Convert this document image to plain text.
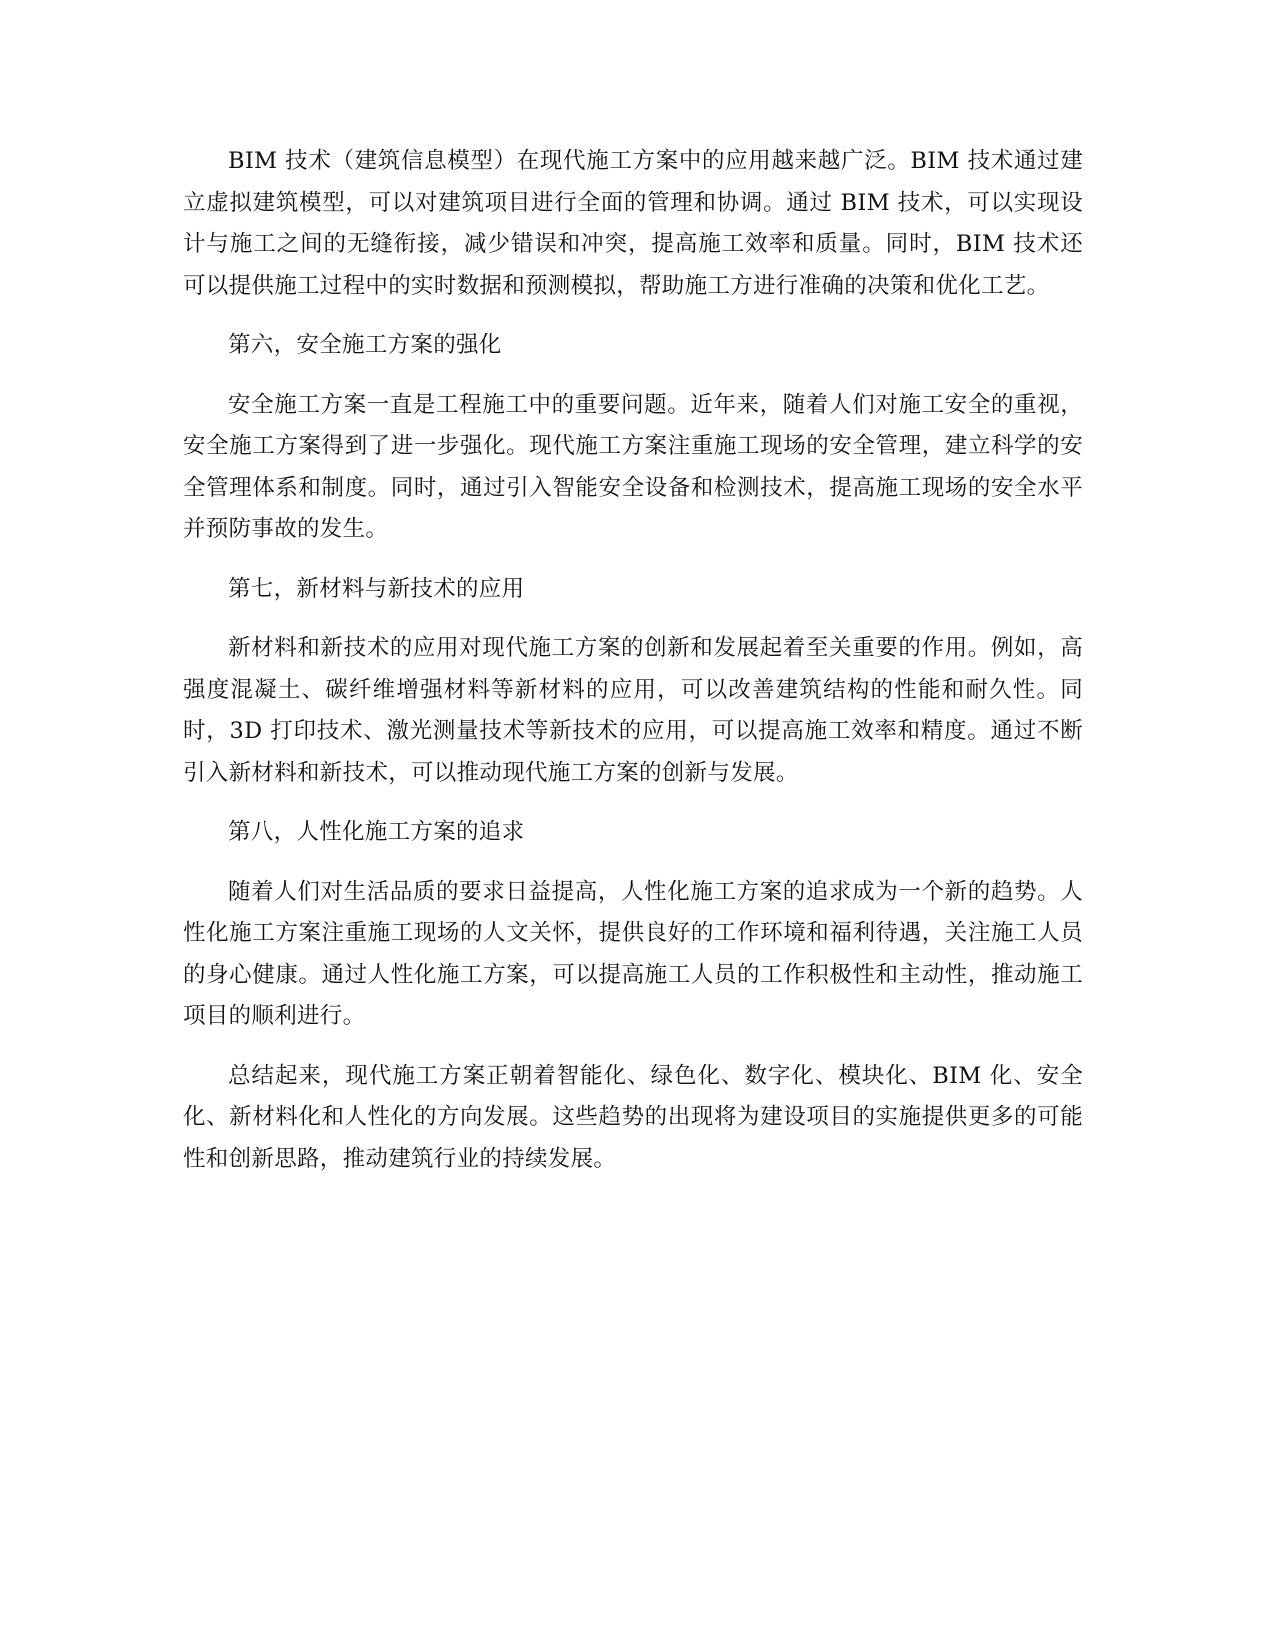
BIM 技术（建筑信息模型）在现代施工方案中的应用越来越广泛。BIM 技术通过建立虚拟建筑模型，可以对建筑项目进行全面的管理和协调。通过 BIM 技术，可以实现设计与施工之间的无缝衔接，减少错误和冲突，提高施工效率和质量。同时，BIM 技术还可以提供施工过程中的实时数据和预测模拟，帮助施工方进行准确的决策和优化工艺。

第六，安全施工方案的强化

安全施工方案一直是工程施工中的重要问题。近年来，随着人们对施工安全的重视，安全施工方案得到了进一步强化。现代施工方案注重施工现场的安全管理，建立科学的安全管理体系和制度。同时，通过引入智能安全设备和检测技术，提高施工现场的安全水平并预防事故的发生。

第七，新材料与新技术的应用

新材料和新技术的应用对现代施工方案的创新和发展起着至关重要的作用。例如，高强度混凝土、碳纤维增强材料等新材料的应用，可以改善建筑结构的性能和耐久性。同时，3D 打印技术、激光测量技术等新技术的应用，可以提高施工效率和精度。通过不断引入新材料和新技术，可以推动现代施工方案的创新与发展。

第八，人性化施工方案的追求

随着人们对生活品质的要求日益提高，人性化施工方案的追求成为一个新的趋势。人性化施工方案注重施工现场的人文关怀，提供良好的工作环境和福利待遇，关注施工人员的身心健康。通过人性化施工方案，可以提高施工人员的工作积极性和主动性，推动施工项目的顺利进行。

总结起来，现代施工方案正朝着智能化、绿色化、数字化、模块化、BIM 化、安全化、新材料化和人性化的方向发展。这些趋势的出现将为建设项目的实施提供更多的可能性和创新思路，推动建筑行业的持续发展。
